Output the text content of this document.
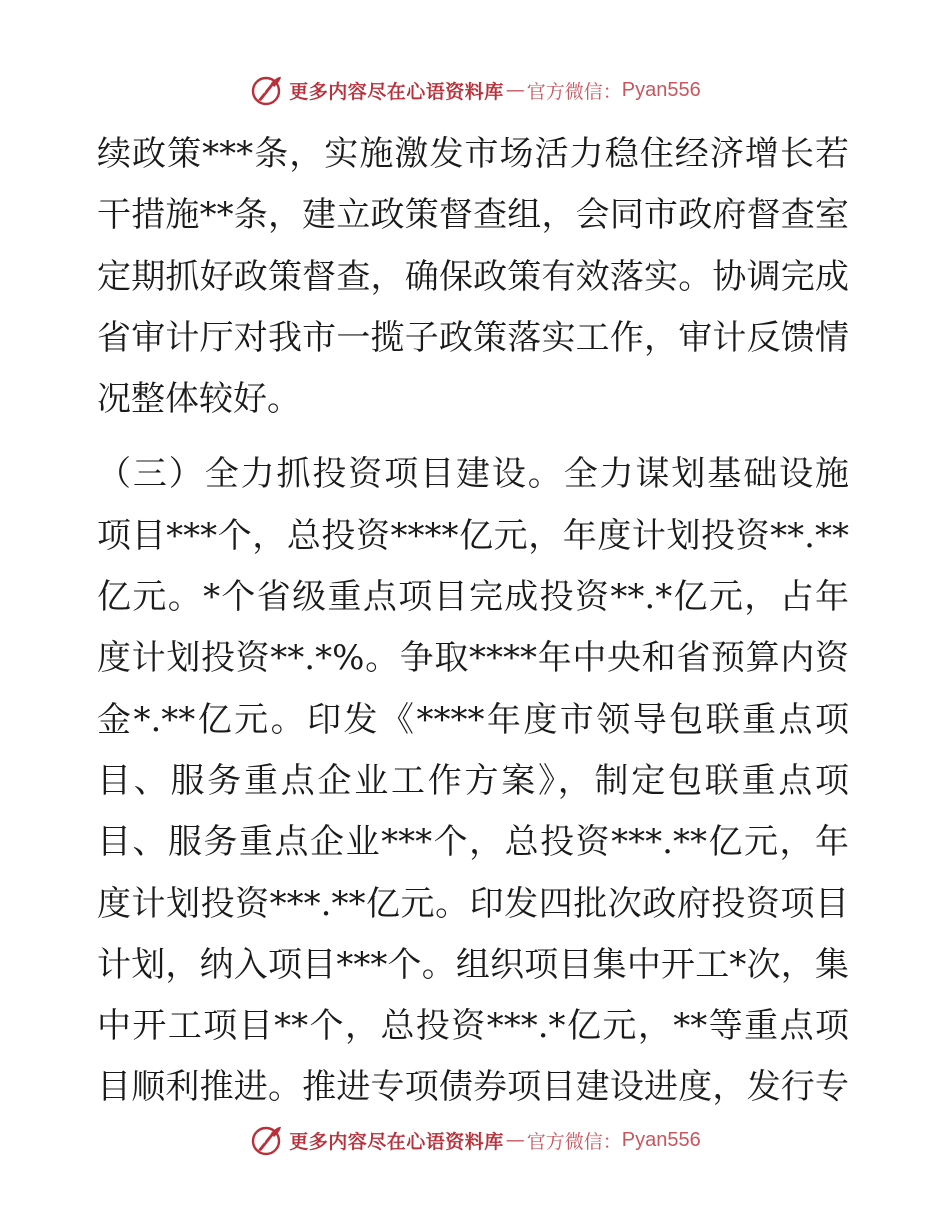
更多内容尽在心语资料库 — 官方微信： Pyan556
续政策***条，实施激发市场活力稳住经济增长若
干措施**条，建立政策督查组，会同市政府督查室
定期抓好政策督查，确保政策有效落实。协调完成
省审计厅对我市一揽子政策落实工作，审计反馈情
况整体较好。
（三）全力抓投资项目建设。全力谋划基础设施
项目***个，总投资****亿元，年度计划投资**.**
亿元。*个省级重点项目完成投资**.*亿元，占年
度计划投资**.*%。争取****年中央和省预算内资
金*.**亿元。印发《****年度市领导包联重点项
目、服务重点企业工作方案》，制定包联重点项
目、服务重点企业***个，总投资***.**亿元，年
度计划投资***.**亿元。印发四批次政府投资项目
计划，纳入项目***个。组织项目集中开工*次，集
中开工项目**个，总投资***.*亿元，**等重点项
目顺利推进。推进专项债券项目建设进度，发行专
更多内容尽在心语资料库 — 官方微信： Pyan556
